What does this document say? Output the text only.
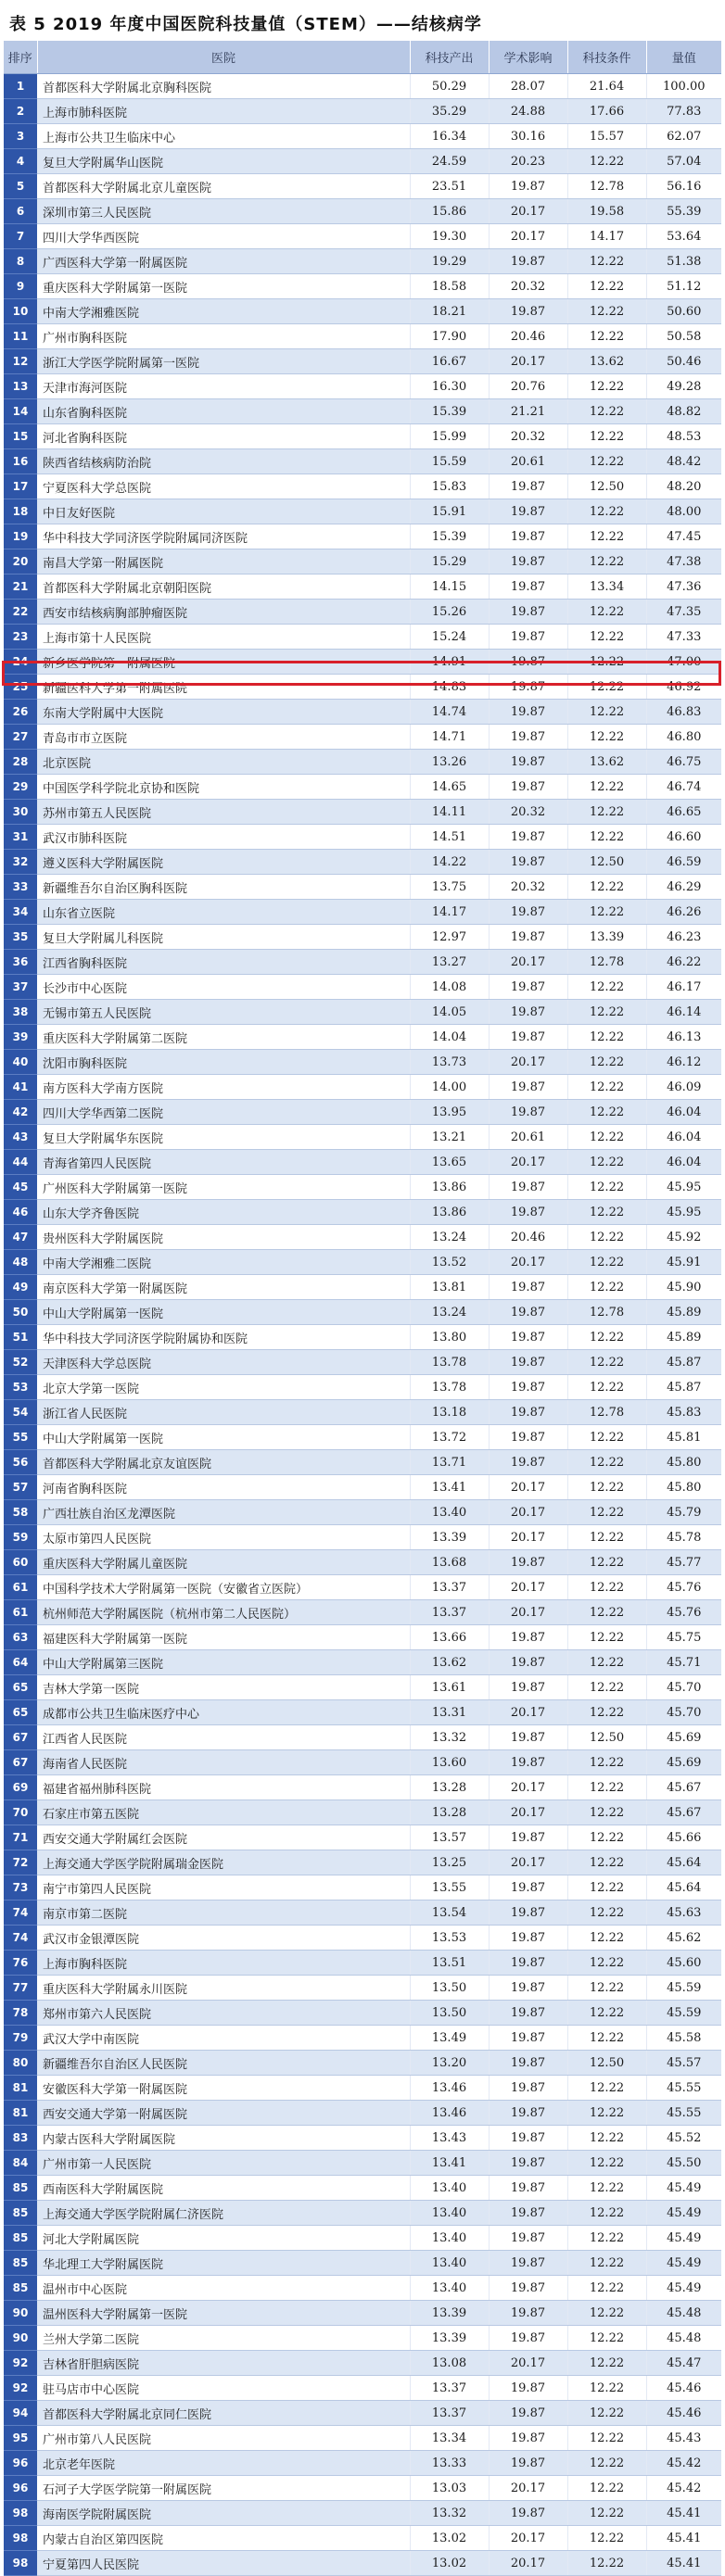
表 5 2019 年度中国医院科技量值（STEM）——结核病学
排序	医院	科技产出	学术影响	科技条件	量值
1	首都医科大学附属北京胸科医院	50.29	28.07	21.64	100.00
2	上海市肺科医院	35.29	24.88	17.66	77.83
3	上海市公共卫生临床中心	16.34	30.16	15.57	62.07
4	复旦大学附属华山医院	24.59	20.23	12.22	57.04
5	首都医科大学附属北京儿童医院	23.51	19.87	12.78	56.16
6	深圳市第三人民医院	15.86	20.17	19.58	55.39
7	四川大学华西医院	19.30	20.17	14.17	53.64
8	广西医科大学第一附属医院	19.29	19.87	12.22	51.38
9	重庆医科大学附属第一医院	18.58	20.32	12.22	51.12
10	中南大学湘雅医院	18.21	19.87	12.22	50.60
11	广州市胸科医院	17.90	20.46	12.22	50.58
12	浙江大学医学院附属第一医院	16.67	20.17	13.62	50.46
13	天津市海河医院	16.30	20.76	12.22	49.28
14	山东省胸科医院	15.39	21.21	12.22	48.82
15	河北省胸科医院	15.99	20.32	12.22	48.53
16	陕西省结核病防治院	15.59	20.61	12.22	48.42
17	宁夏医科大学总医院	15.83	19.87	12.50	48.20
18	中日友好医院	15.91	19.87	12.22	48.00
19	华中科技大学同济医学院附属同济医院	15.39	19.87	12.22	47.45
20	南昌大学第一附属医院	15.29	19.87	12.22	47.38
21	首都医科大学附属北京朝阳医院	14.15	19.87	13.34	47.36
22	西安市结核病胸部肿瘤医院	15.26	19.87	12.22	47.35
23	上海市第十人民医院	15.24	19.87	12.22	47.33
24	新乡医学院第一附属医院	14.91	19.87	12.22	47.00
25	新疆医科大学第一附属医院	14.83	19.87	12.22	46.92
26	东南大学附属中大医院	14.74	19.87	12.22	46.83
27	青岛市市立医院	14.71	19.87	12.22	46.80
28	北京医院	13.26	19.87	13.62	46.75
29	中国医学科学院北京协和医院	14.65	19.87	12.22	46.74
30	苏州市第五人民医院	14.11	20.32	12.22	46.65
31	武汉市肺科医院	14.51	19.87	12.22	46.60
32	遵义医科大学附属医院	14.22	19.87	12.50	46.59
33	新疆维吾尔自治区胸科医院	13.75	20.32	12.22	46.29
34	山东省立医院	14.17	19.87	12.22	46.26
35	复旦大学附属儿科医院	12.97	19.87	13.39	46.23
36	江西省胸科医院	13.27	20.17	12.78	46.22
37	长沙市中心医院	14.08	19.87	12.22	46.17
38	无锡市第五人民医院	14.05	19.87	12.22	46.14
39	重庆医科大学附属第二医院	14.04	19.87	12.22	46.13
40	沈阳市胸科医院	13.73	20.17	12.22	46.12
41	南方医科大学南方医院	14.00	19.87	12.22	46.09
42	四川大学华西第二医院	13.95	19.87	12.22	46.04
43	复旦大学附属华东医院	13.21	20.61	12.22	46.04
44	青海省第四人民医院	13.65	20.17	12.22	46.04
45	广州医科大学附属第一医院	13.86	19.87	12.22	45.95
46	山东大学齐鲁医院	13.86	19.87	12.22	45.95
47	贵州医科大学附属医院	13.24	20.46	12.22	45.92
48	中南大学湘雅二医院	13.52	20.17	12.22	45.91
49	南京医科大学第一附属医院	13.81	19.87	12.22	45.90
50	中山大学附属第一医院	13.24	19.87	12.78	45.89
51	华中科技大学同济医学院附属协和医院	13.80	19.87	12.22	45.89
52	天津医科大学总医院	13.78	19.87	12.22	45.87
53	北京大学第一医院	13.78	19.87	12.22	45.87
54	浙江省人民医院	13.18	19.87	12.78	45.83
55	中山大学附属第一医院	13.72	19.87	12.22	45.81
56	首都医科大学附属北京友谊医院	13.71	19.87	12.22	45.80
57	河南省胸科医院	13.41	20.17	12.22	45.80
58	广西壮族自治区龙潭医院	13.40	20.17	12.22	45.79
59	太原市第四人民医院	13.39	20.17	12.22	45.78
60	重庆医科大学附属儿童医院	13.68	19.87	12.22	45.77
61	中国科学技术大学附属第一医院（安徽省立医院）	13.37	20.17	12.22	45.76
61	杭州师范大学附属医院（杭州市第二人民医院）	13.37	20.17	12.22	45.76
63	福建医科大学附属第一医院	13.66	19.87	12.22	45.75
64	中山大学附属第三医院	13.62	19.87	12.22	45.71
65	吉林大学第一医院	13.61	19.87	12.22	45.70
65	成都市公共卫生临床医疗中心	13.31	20.17	12.22	45.70
67	江西省人民医院	13.32	19.87	12.50	45.69
67	海南省人民医院	13.60	19.87	12.22	45.69
69	福建省福州肺科医院	13.28	20.17	12.22	45.67
70	石家庄市第五医院	13.28	20.17	12.22	45.67
71	西安交通大学附属红会医院	13.57	19.87	12.22	45.66
72	上海交通大学医学院附属瑞金医院	13.25	20.17	12.22	45.64
73	南宁市第四人民医院	13.55	19.87	12.22	45.64
74	南京市第二医院	13.54	19.87	12.22	45.63
74	武汉市金银潭医院	13.53	19.87	12.22	45.62
76	上海市胸科医院	13.51	19.87	12.22	45.60
77	重庆医科大学附属永川医院	13.50	19.87	12.22	45.59
78	郑州市第六人民医院	13.50	19.87	12.22	45.59
79	武汉大学中南医院	13.49	19.87	12.22	45.58
80	新疆维吾尔自治区人民医院	13.20	19.87	12.50	45.57
81	安徽医科大学第一附属医院	13.46	19.87	12.22	45.55
81	西安交通大学第一附属医院	13.46	19.87	12.22	45.55
83	内蒙古医科大学附属医院	13.43	19.87	12.22	45.52
84	广州市第一人民医院	13.41	19.87	12.22	45.50
85	西南医科大学附属医院	13.40	19.87	12.22	45.49
85	上海交通大学医学院附属仁济医院	13.40	19.87	12.22	45.49
85	河北大学附属医院	13.40	19.87	12.22	45.49
85	华北理工大学附属医院	13.40	19.87	12.22	45.49
85	温州市中心医院	13.40	19.87	12.22	45.49
90	温州医科大学附属第一医院	13.39	19.87	12.22	45.48
90	兰州大学第二医院	13.39	19.87	12.22	45.48
92	吉林省肝胆病医院	13.08	20.17	12.22	45.47
92	驻马店市中心医院	13.37	19.87	12.22	45.46
94	首都医科大学附属北京同仁医院	13.37	19.87	12.22	45.46
95	广州市第八人民医院	13.34	19.87	12.22	45.43
96	北京老年医院	13.33	19.87	12.22	45.42
96	石河子大学医学院第一附属医院	13.03	20.17	12.22	45.42
98	海南医学院附属医院	13.32	19.87	12.22	45.41
98	内蒙古自治区第四医院	13.02	20.17	12.22	45.41
98	宁夏第四人民医院	13.02	20.17	12.22	45.41
